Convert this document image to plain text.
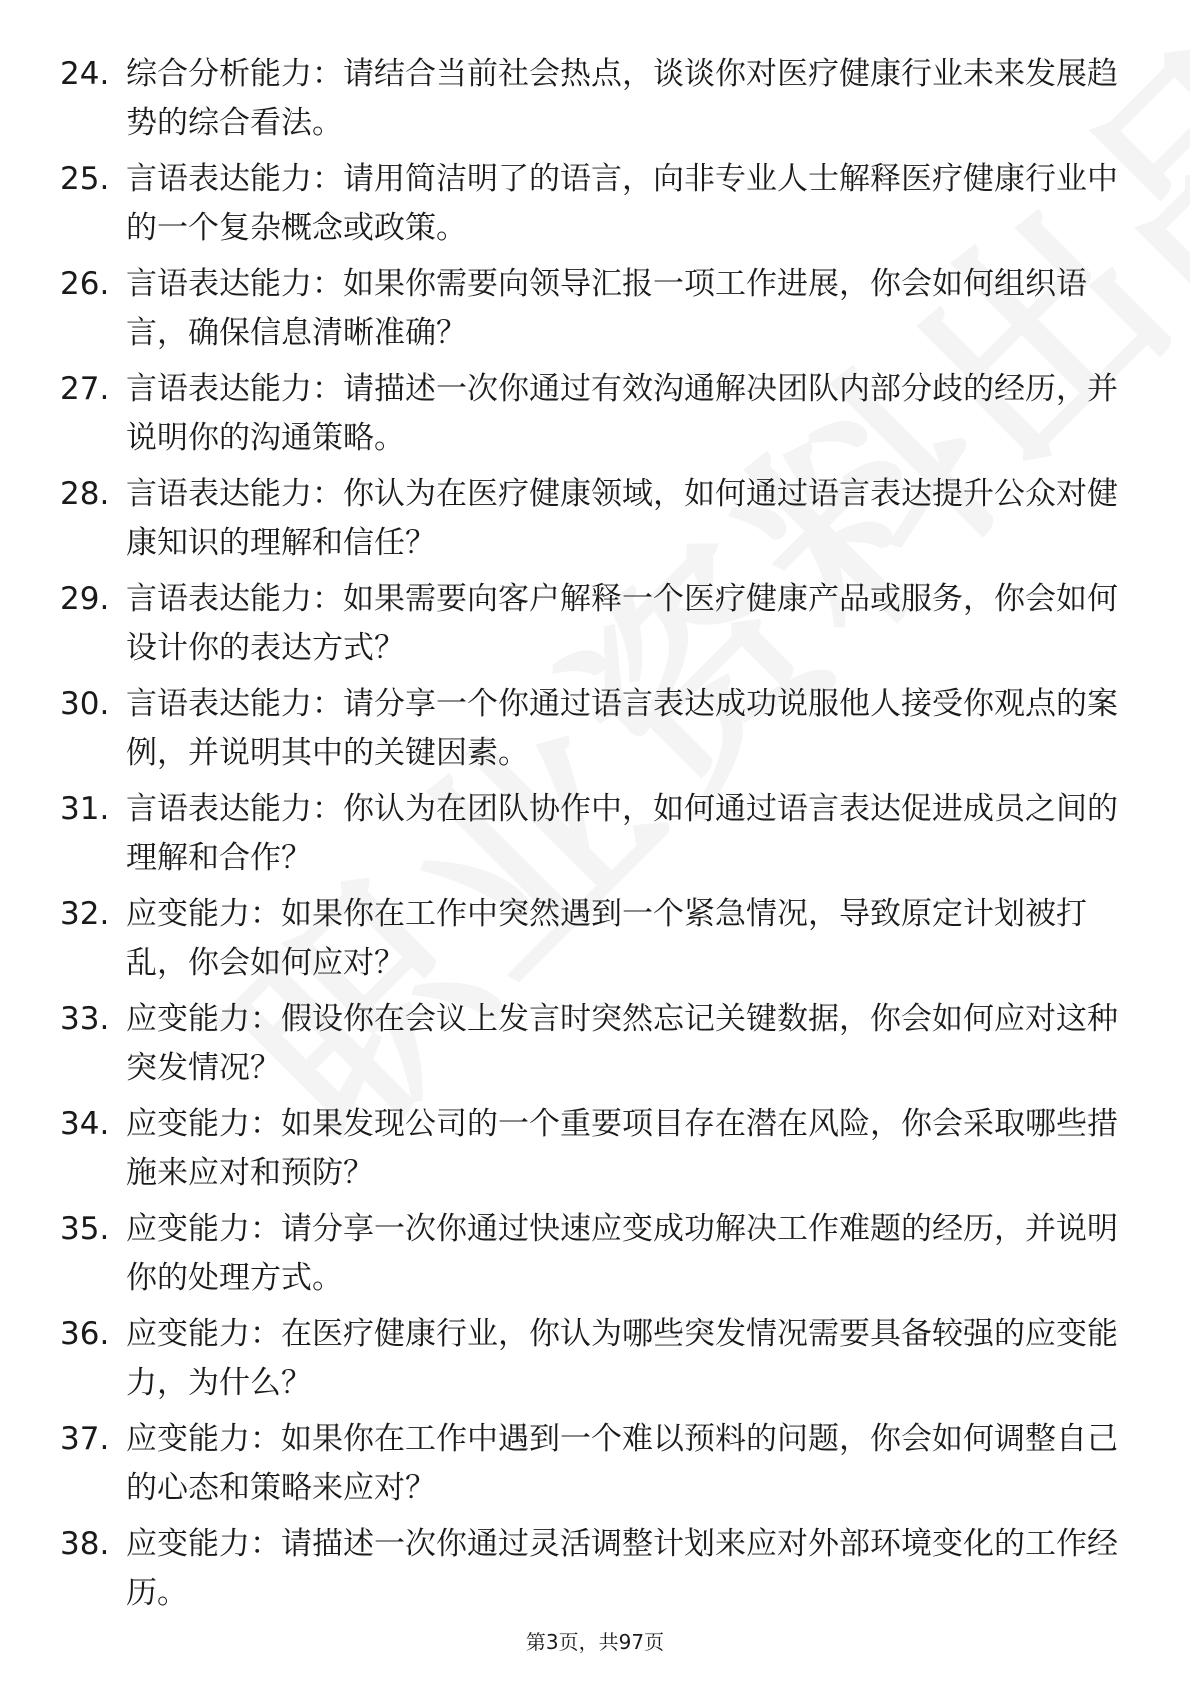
24. 综合分析能力：请结合当前社会热点，谈谈你对医疗健康行业未来发展趋势的综合看法。
25. 言语表达能力：请用简洁明了的语言，向非专业人士解释医疗健康行业中的一个复杂概念或政策。
26. 言语表达能力：如果你需要向领导汇报一项工作进展，你会如何组织语言，确保信息清晰准确？
27. 言语表达能力：请描述一次你通过有效沟通解决团队内部分歧的经历，并说明你的沟通策略。
28. 言语表达能力：你认为在医疗健康领域，如何通过语言表达提升公众对健康知识的理解和信任？
29. 言语表达能力：如果需要向客户解释一个医疗健康产品或服务，你会如何设计你的表达方式？
30. 言语表达能力：请分享一个你通过语言表达成功说服他人接受你观点的案例，并说明其中的关键因素。
31. 言语表达能力：你认为在团队协作中，如何通过语言表达促进成员之间的理解和合作？
32. 应变能力：如果你在工作中突然遇到一个紧急情况，导致原定计划被打乱，你会如何应对？
33. 应变能力：假设你在会议上发言时突然忘记关键数据，你会如何应对这种突发情况？
34. 应变能力：如果发现公司的一个重要项目存在潜在风险，你会采取哪些措施来应对和预防？
35. 应变能力：请分享一次你通过快速应变成功解决工作难题的经历，并说明你的处理方式。
36. 应变能力：在医疗健康行业，你认为哪些突发情况需要具备较强的应变能力，为什么？
37. 应变能力：如果你在工作中遇到一个难以预料的问题，你会如何调整自己的心态和策略来应对？
38. 应变能力：请描述一次你通过灵活调整计划来应对外部环境变化的工作经历。
第3页，共97页
